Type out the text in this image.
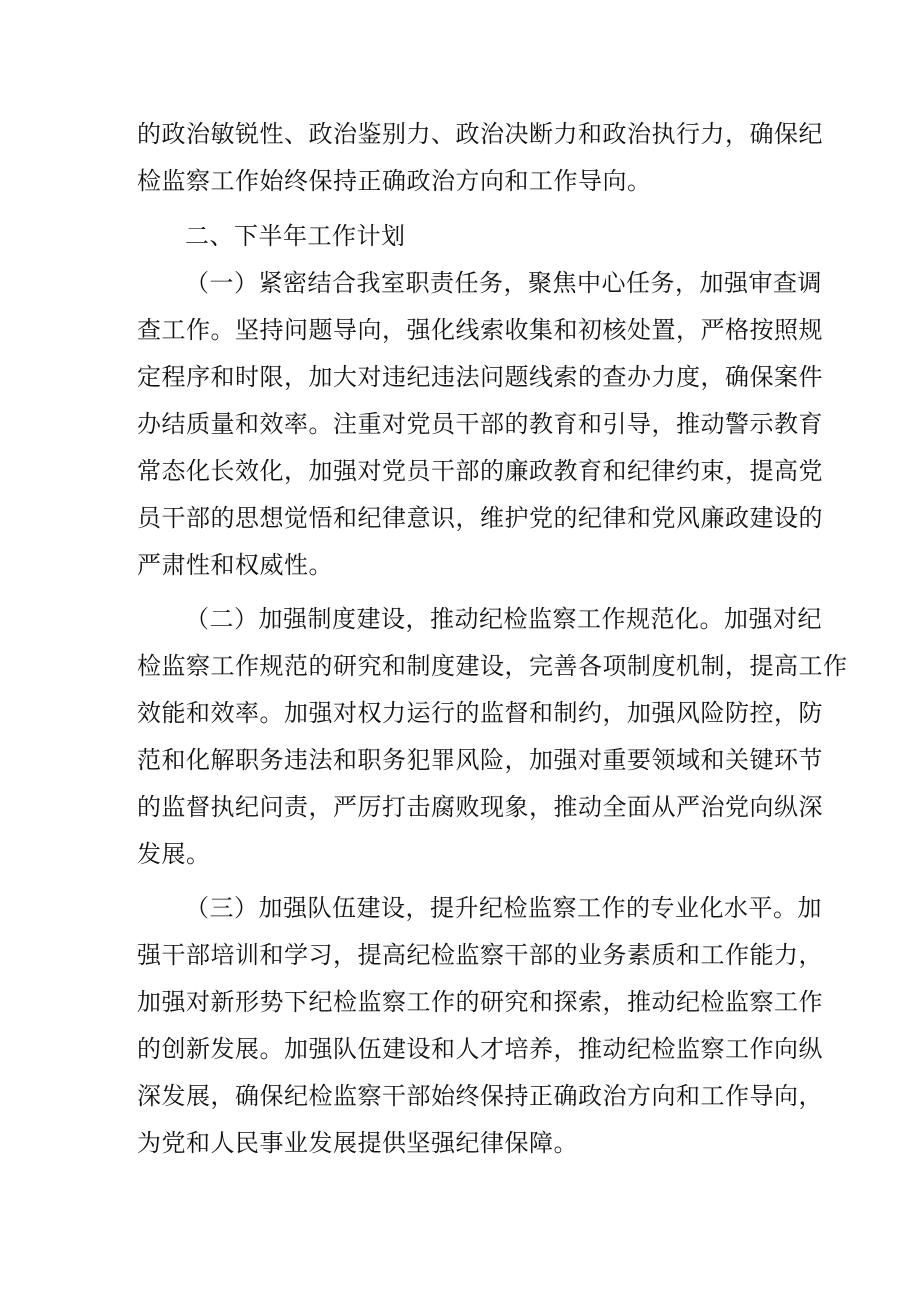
的政治敏锐性、政治鉴别力、政治决断力和政治执行力，确保纪
检监察工作始终保持正确政治方向和工作导向。
二、下半年工作计划
（一）紧密结合我室职责任务，聚焦中心任务，加强审查调
查工作。坚持问题导向，强化线索收集和初核处置，严格按照规
定程序和时限，加大对违纪违法问题线索的查办力度，确保案件
办结质量和效率。注重对党员干部的教育和引导，推动警示教育
常态化长效化，加强对党员干部的廉政教育和纪律约束，提高党
员干部的思想觉悟和纪律意识，维护党的纪律和党风廉政建设的
严肃性和权威性。
（二）加强制度建设，推动纪检监察工作规范化。加强对纪
检监察工作规范的研究和制度建设，完善各项制度机制，提高工作
效能和效率。加强对权力运行的监督和制约，加强风险防控，防
范和化解职务违法和职务犯罪风险，加强对重要领域和关键环节
的监督执纪问责，严厉打击腐败现象，推动全面从严治党向纵深
发展。
（三）加强队伍建设，提升纪检监察工作的专业化水平。加
强干部培训和学习，提高纪检监察干部的业务素质和工作能力，
加强对新形势下纪检监察工作的研究和探索，推动纪检监察工作
的创新发展。加强队伍建设和人才培养，推动纪检监察工作向纵
深发展，确保纪检监察干部始终保持正确政治方向和工作导向，
为党和人民事业发展提供坚强纪律保障。
